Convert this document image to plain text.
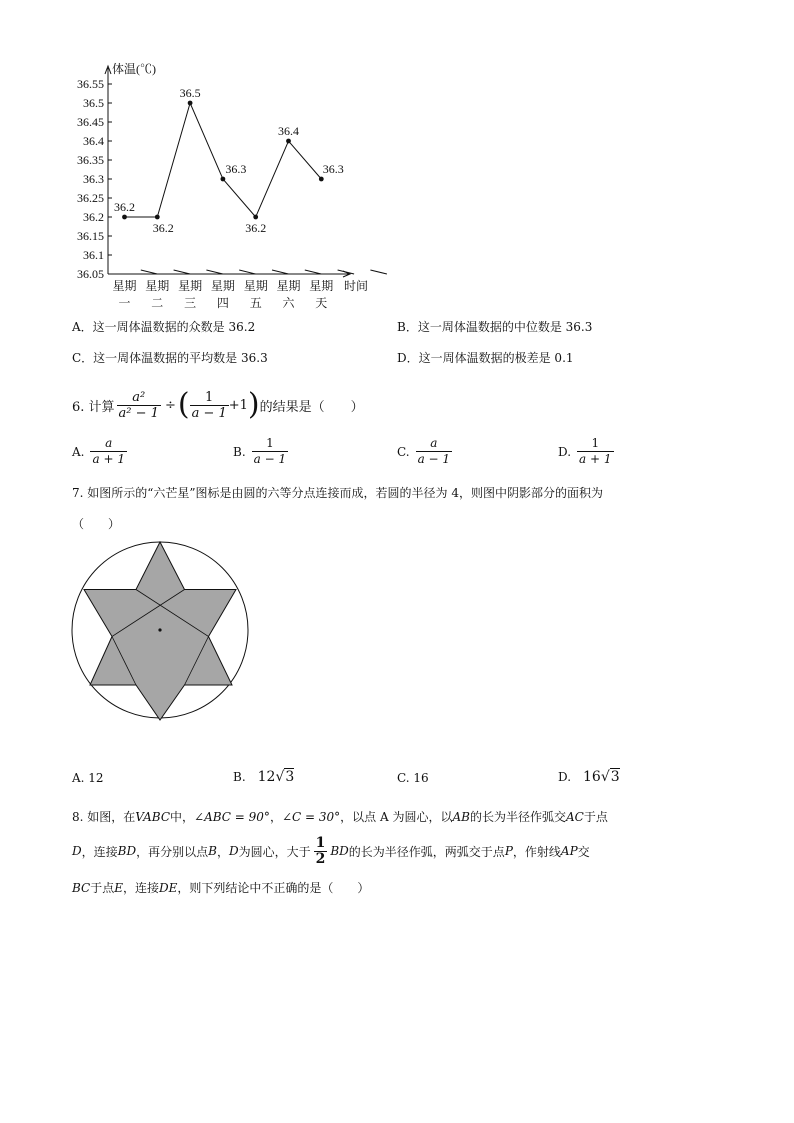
体温(℃)
时间
36.55
36.5
36.45
36.4
36.35
36.3
36.25
36.2
36.15
36.1
36.05
星期
一
星期
二
星期
三
星期
四
星期
五
星期
六
星期
天
36.2
36.2
36.5
36.3
36.2
36.4
36.3
A．这一周体温数据的众数是 36.2	B．这一周体温数据的中位数是 36.3
C．这一周体温数据的平均数是 36.3	D．这一周体温数据的极差是 0.1
6. 计算 $\frac{\text{a²}}{\text{a² − 1}}$ ÷ ( $\frac{1}{a - 1} +1$ ) 的结果是（　　）
A. $\frac{a}{a + 1}$	B. $\frac{1}{a - 1}$	C. $\frac{a}{a - 1}$	D. $\frac{1}{a + 1}$
7. 如图所示的“六芒星”图标是由圆的六等分点连接而成，若圆的半径为 4，则图中阴影部分的面积为
（　　）
A. 12	B. 12 √ 3	C. 16	D. 16 √ 3
8. 如图，在VABC中，∠ABC = 90°，∠C = 30°，以点 A 为圆心，以AB的长为半径作弧交AC于点
D ，连接 BD ，再分别以点 B ， D 为圆心，大于 $\frac{1}{2}$ BD 的长为半径作弧，两弧交于点 P ，作射线 AP 交
BC于点E，连接DE，则下列结论中不正确的是（　　）
